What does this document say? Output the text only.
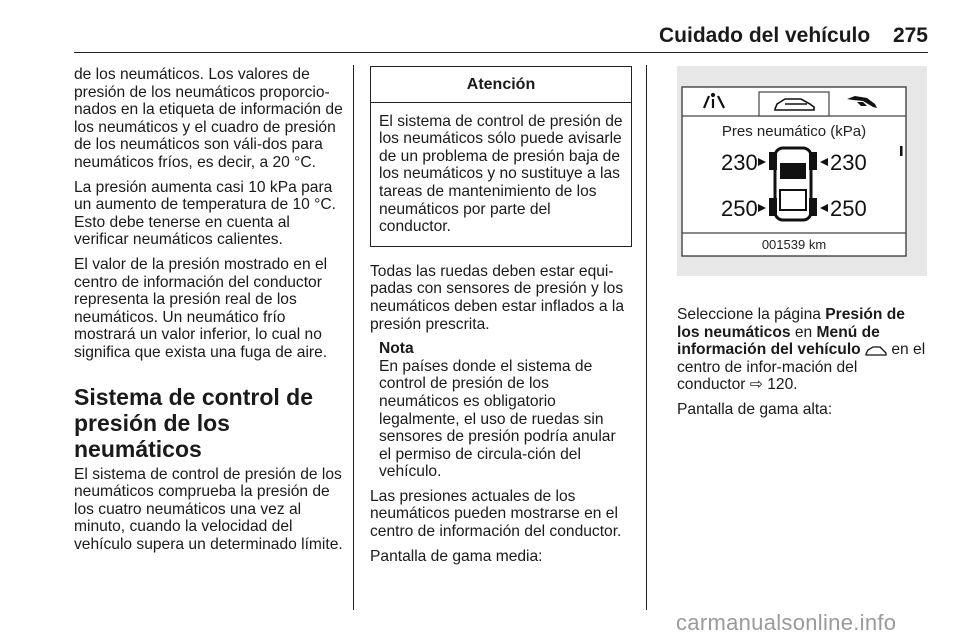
Cuidado del vehículo 275

de los neumáticos. Los valores de presión de los neumáticos proporcio-nados en la etiqueta de información de los neumáticos y el cuadro de presión de los neumáticos son váli-dos para neumáticos fríos, es decir, a 20 °C.

La presión aumenta casi 10 kPa para un aumento de temperatura de 10 °C. Esto debe tenerse en cuenta al verificar neumáticos calientes.

El valor de la presión mostrado en el centro de información del conductor representa la presión real de los neumáticos. Un neumático frío mostrará un valor inferior, lo cual no significa que exista una fuga de aire.

Sistema de control de presión de los neumáticos

El sistema de control de presión de los neumáticos comprueba la presión de los cuatro neumáticos una vez al minuto, cuando la velocidad del vehículo supera un determinado límite.

Atención
El sistema de control de presión de los neumáticos sólo puede avisarle de un problema de presión baja de los neumáticos y no sustituye a las tareas de mantenimiento de los neumáticos por parte del conductor.

Todas las ruedas deben estar equi-padas con sensores de presión y los neumáticos deben estar inflados a la presión prescrita.

Nota
En países donde el sistema de control de presión de los neumáticos es obligatorio legalmente, el uso de ruedas sin sensores de presión podría anular el permiso de circula-ción del vehículo.

Las presiones actuales de los neumáticos pueden mostrarse en el centro de información del conductor.

Pantalla de gama media:

Pres neumático (kPa)
230	230
250	250
001539 km

Seleccione la página Presión de los neumáticos en Menú de información del vehículo  en el centro de infor-mación del conductor ⇨ 120.

Pantalla de gama alta:

carmanualsonline.info
